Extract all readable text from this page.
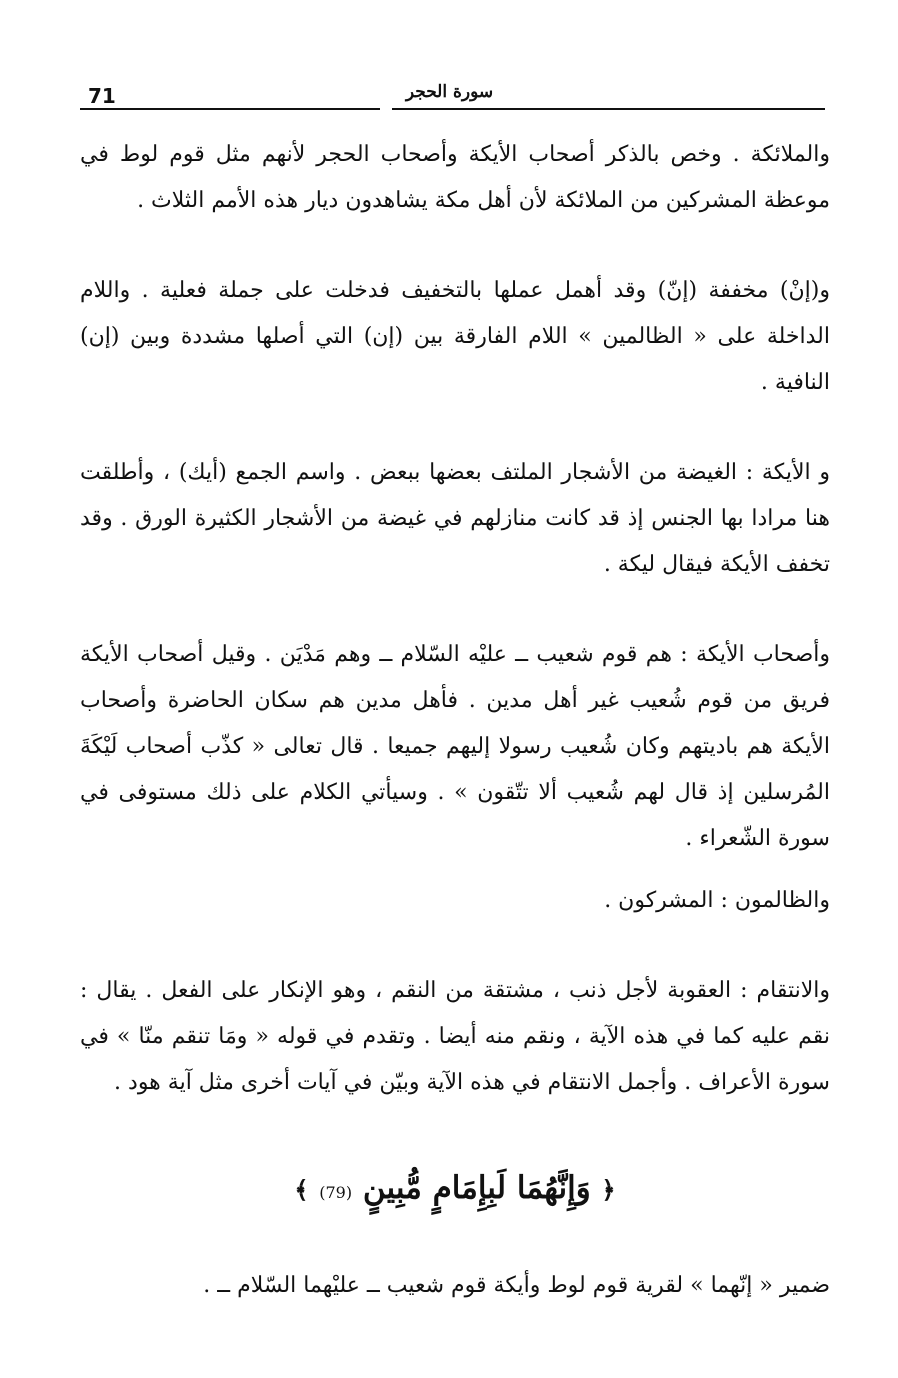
71	سورة الحجر

والملائكة . وخص بالذكر أصحاب الأيكة وأصحاب الحجر لأنهم مثل قوم لوط في موعظة المشركين من الملائكة لأن أهل مكة يشاهدون ديار هذه الأمم الثلاث .

و(إنْ) مخففة (إنّ) وقد أهمل عملها بالتخفيف فدخلت على جملة فعلية . واللام الداخلة على « الظالمين » اللام الفارقة بين (إن) التي أصلها مشددة وبين (إن) النافية .

و الأيكة : الغيضة من الأشجار الملتف بعضها ببعض . واسم الجمع (أيك) ، وأطلقت هنا مرادا بها الجنس إذ قد كانت منازلهم في غيضة من الأشجار الكثيرة الورق . وقد تخفف الأيكة فيقال ليكة .

وأصحاب الأيكة : هم قوم شعيب ــ عليْه السّلام ــ وهم مَدْيَن . وقيل أصحاب الأيكة فريق من قوم شُعيب غير أهل مدين . فأهل مدين هم سكان الحاضرة وأصحاب الأيكة هم باديتهم وكان شُعيب رسولا إليهم جميعا . قال تعالى « كذّب أصحاب لَيْكَةَ المُرسلين إذ قال لهم شُعيب ألا تتّقون » . وسيأتي الكلام على ذلك مستوفى في سورة الشّعراء .

والظالمون : المشركون .

والانتقام : العقوبة لأجل ذنب ، مشتقة من النقم ، وهو الإنكار على الفعل . يقال : نقم عليه كما في هذه الآية ، ونقم منه أيضا . وتقدم في قوله « ومَا تنقم منّا » في سورة الأعراف . وأجمل الانتقام في هذه الآية وبيّن في آيات أخرى مثل آية هود .

﴿ وَإِنَّهُمَا لَبِإِمَامٍ مُّبِينٍ (79) ﴾

ضمير « إنّهما » لقرية قوم لوط وأيكة قوم شعيب ــ عليْهما السّلام ــ .
